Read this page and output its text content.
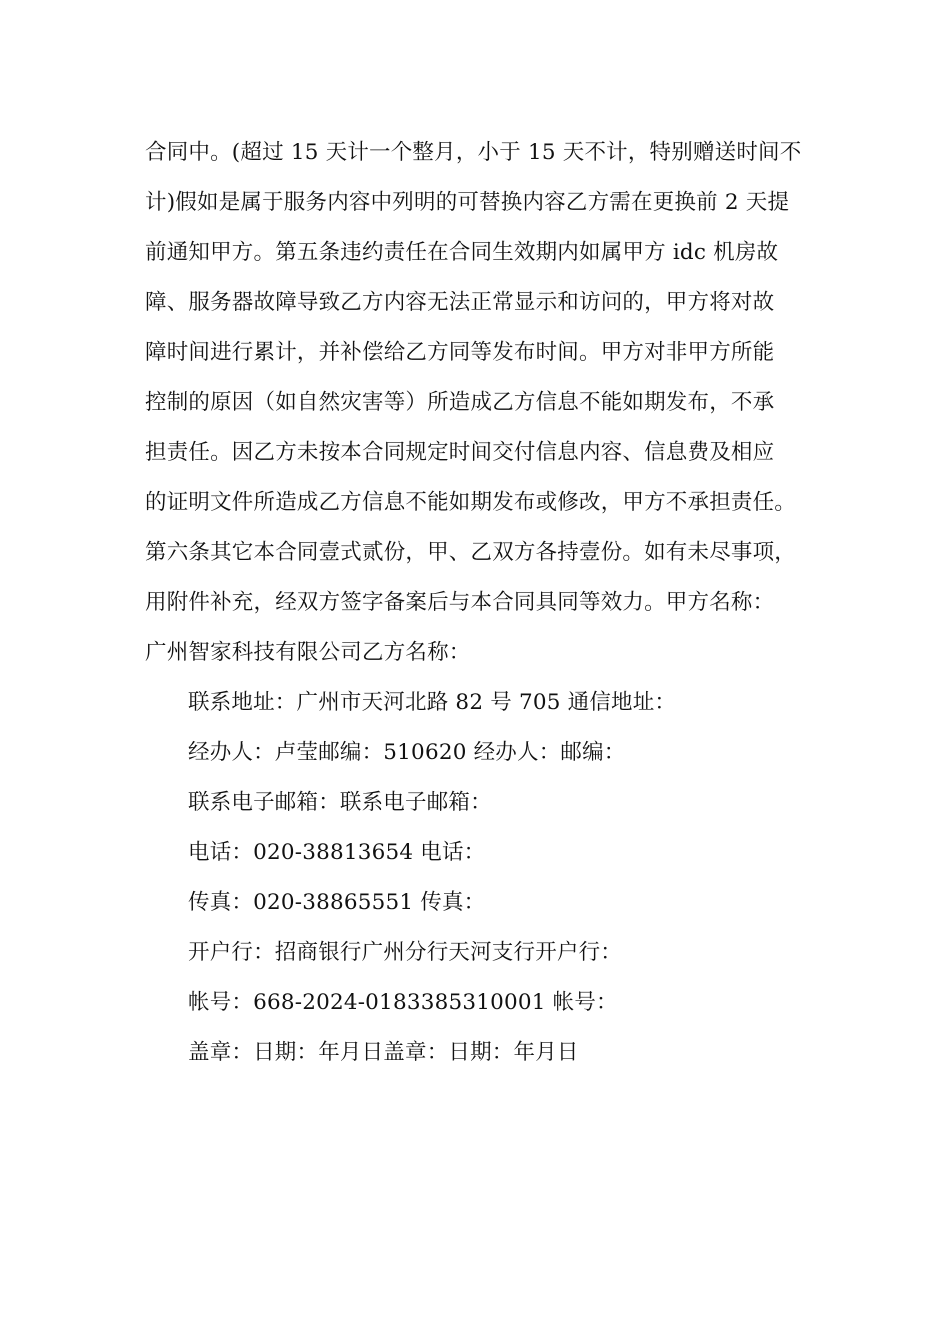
合同中。(超过 15 天计一个整月，小于 15 天不计，特别赠送时间不
计)假如是属于服务内容中列明的可替换内容乙方需在更换前 2 天提
前通知甲方。第五条违约责任在合同生效期内如属甲方 idc 机房故
障、服务器故障导致乙方内容无法正常显示和访问的，甲方将对故
障时间进行累计，并补偿给乙方同等发布时间。甲方对非甲方所能
控制的原因（如自然灾害等）所造成乙方信息不能如期发布，不承
担责任。因乙方未按本合同规定时间交付信息内容、信息费及相应
的证明文件所造成乙方信息不能如期发布或修改，甲方不承担责任。
第六条其它本合同壹式贰份，甲、乙双方各持壹份。如有未尽事项，
用附件补充，经双方签字备案后与本合同具同等效力。甲方名称：
广州智家科技有限公司乙方名称：
联系地址：广州市天河北路 82 号 705 通信地址：
经办人：卢莹邮编：510620 经办人：邮编：
联系电子邮箱：联系电子邮箱：
电话：020-38813654 电话：
传真：020-38865551 传真：
开户行：招商银行广州分行天河支行开户行：
帐号：668-2024-0183385310001 帐号：
盖章：日期：年月日盖章：日期：年月日
